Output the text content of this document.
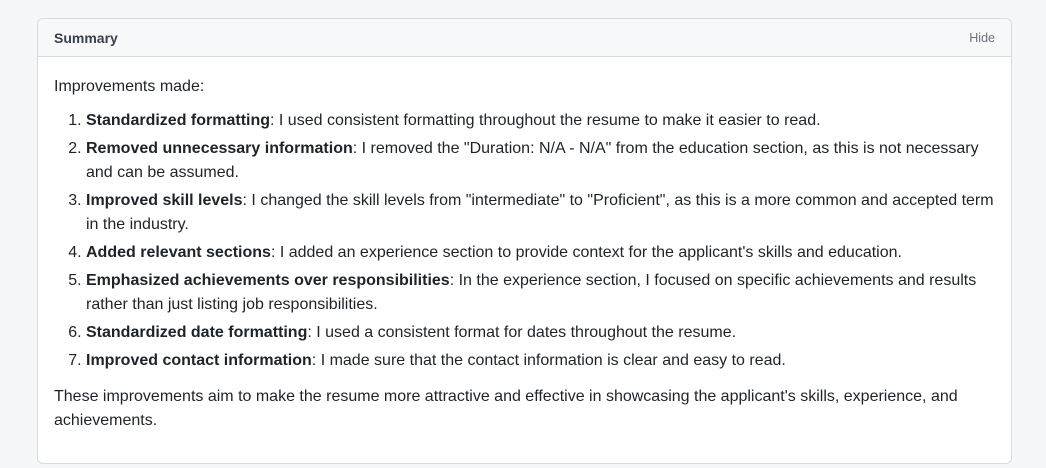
Summary	Hide

Improvements made:

1. Standardized formatting: I used consistent formatting throughout the resume to make it easier to read.
2. Removed unnecessary information: I removed the "Duration: N/A - N/A" from the education section, as this is not necessary and can be assumed.
3. Improved skill levels: I changed the skill levels from "intermediate" to "Proficient", as this is a more common and accepted term in the industry.
4. Added relevant sections: I added an experience section to provide context for the applicant's skills and education.
5. Emphasized achievements over responsibilities: In the experience section, I focused on specific achievements and results rather than just listing job responsibilities.
6. Standardized date formatting: I used a consistent format for dates throughout the resume.
7. Improved contact information: I made sure that the contact information is clear and easy to read.

These improvements aim to make the resume more attractive and effective in showcasing the applicant's skills, experience, and achievements.
